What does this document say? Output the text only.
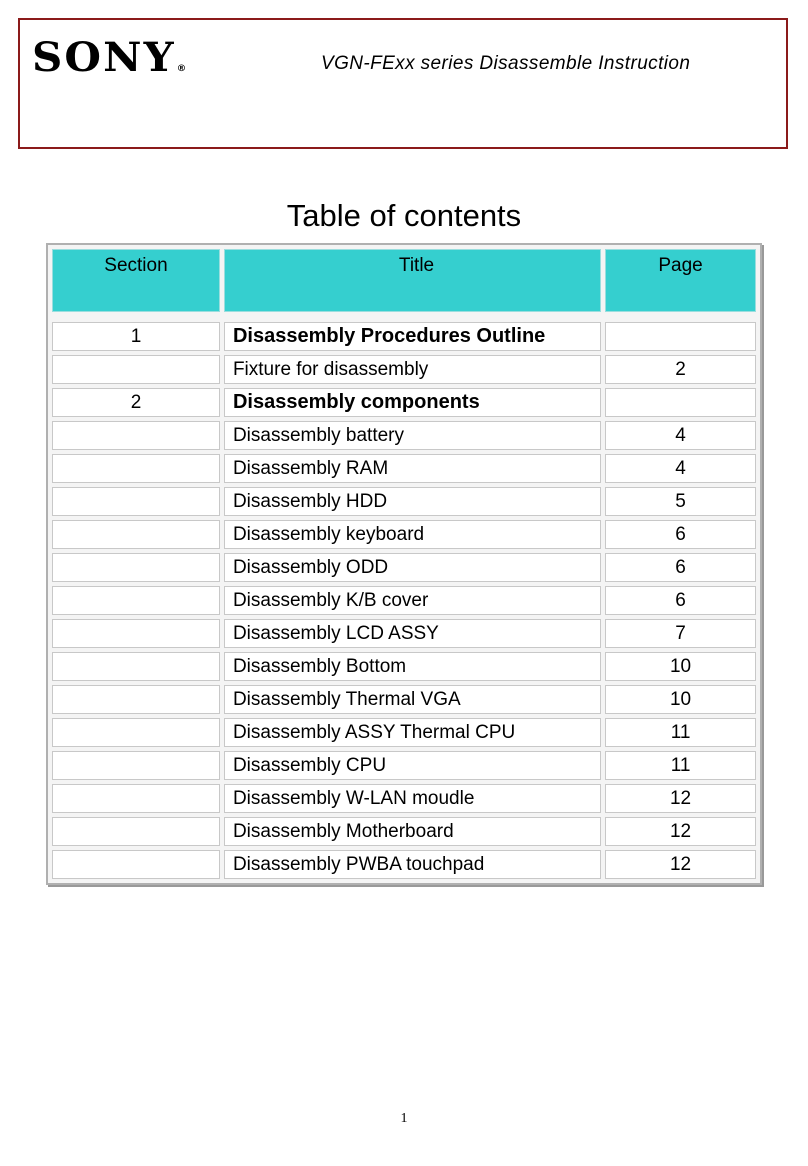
SONY®	VGN-FExx series Disassemble Instruction
Table of contents
Section	Title	Page

1	Disassembly Procedures Outline	
	Fixture for disassembly	2
2	Disassembly components	
	Disassembly battery	4
	Disassembly RAM	4
	Disassembly HDD	5
	Disassembly keyboard	6
	Disassembly ODD	6
	Disassembly K/B cover	6
	Disassembly LCD ASSY	7
	Disassembly Bottom	10
	Disassembly Thermal VGA	10
	Disassembly ASSY Thermal CPU	11
	Disassembly CPU	11
	Disassembly W-LAN moudle	12
	Disassembly Motherboard	12
	Disassembly PWBA touchpad	12
1
